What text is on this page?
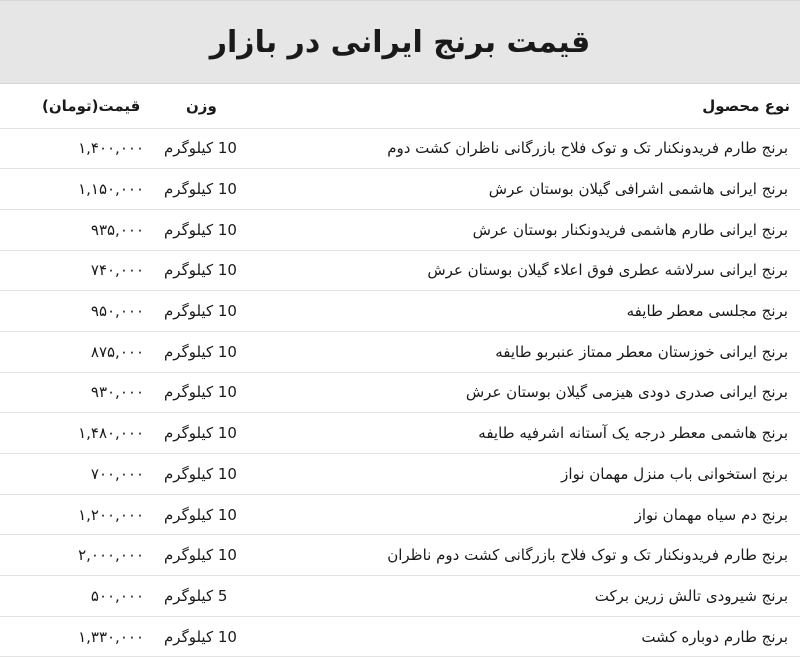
قیمت برنج ایرانی در بازار
نوع محصول	وزن	قیمت(تومان)
برنج طارم فریدونکنار تک و توک فلاح بازرگانی ناظران کشت دوم	10 کیلوگرم	۱,۴۰۰,۰۰۰
برنج ایرانی هاشمی اشرافی گیلان بوستان عرش	10 کیلوگرم	۱,۱۵۰,۰۰۰
برنج ایرانی طارم هاشمی فریدونکنار بوستان عرش	10 کیلوگرم	۹۳۵,۰۰۰
برنج ایرانی سرلاشه عطری فوق اعلاء گیلان بوستان عرش	10 کیلوگرم	۷۴۰,۰۰۰
برنج مجلسی معطر طایفه	10 کیلوگرم	۹۵۰,۰۰۰
برنج ایرانی خوزستان معطر ممتاز عنبربو طایفه	10 کیلوگرم	۸۷۵,۰۰۰
برنج ایرانی صدری دودی هیزمی گیلان بوستان عرش	10 کیلوگرم	۹۳۰,۰۰۰
برنج هاشمی معطر درجه یک آستانه اشرفیه طایفه	10 کیلوگرم	۱,۴۸۰,۰۰۰
برنج استخوانی باب منزل مهمان نواز	10 کیلوگرم	۷۰۰,۰۰۰
برنج دم سیاه مهمان نواز	10 کیلوگرم	۱,۲۰۰,۰۰۰
برنج طارم فریدونکنار تک و توک فلاح بازرگانی کشت دوم ناظران	10 کیلوگرم	۲,۰۰۰,۰۰۰
برنج شیرودی تالش زرین برکت	5 کیلوگرم	۵۰۰,۰۰۰
برنج طارم دوباره کشت	10 کیلوگرم	۱,۳۳۰,۰۰۰
